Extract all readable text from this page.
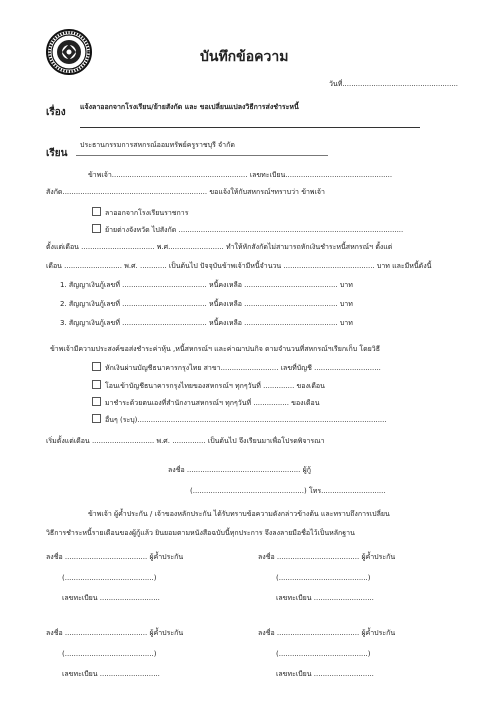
บันทึกข้อความ
วันที่....................................................
เรื่อง แจ้งลาออกจากโรงเรียน/ย้ายสังกัด และ ขอเปลี่ยนแปลงวิธีการส่งชำระหนี้
เรียน
ประธานกรรมการสหกรณ์ออมทรัพย์ครูราชบุรี จำกัด
ข้าพเจ้า............................................................. เลขทะเบียน................................................
สังกัด................................................................. ขอแจ้งให้กับสหกรณ์ฯทราบว่า ข้าพเจ้า
ลาออกจากโรงเรียนราชการ
ย้ายต่างจังหวัด ไปสังกัด .....................................................................................................
ตั้งแต่เดือน ................................. พ.ศ......................... ทำให้หักสังกัดไม่สามารถหักเงินชำระหนี้สหกรณ์ฯ ตั้งแต่
เดือน .......................... พ.ศ. ............ เป็นต้นไป ปัจจุบันข้าพเจ้ามีหนี้จำนวน ......................................... บาท และมีหนี้ดังนี้
1. สัญญาเงินกู้เลขที่ ...................................... หนี้คงเหลือ .......................................... บาท
2. สัญญาเงินกู้เลขที่ ...................................... หนี้คงเหลือ .......................................... บาท
3. สัญญาเงินกู้เลขที่ ...................................... หนี้คงเหลือ .......................................... บาท
ข้าพเจ้ามีความประสงค์ขอส่งชำระค่าหุ้น ,หนี้สหกรณ์ฯ และค่าฌาปนกิจ ตามจำนวนที่สหกรณ์ฯเรียกเก็บ โดยวิธี
หักเงินผ่านบัญชีธนาคารกรุงไทย สาขา.......................... เลขที่บัญชี ..............................
โอนเข้าบัญชีธนาคารกรุงไทยของสหกรณ์ฯ ทุกๆวันที่ .............. ของเดือน
มาชำระด้วยตนเองที่สำนักงานสหกรณ์ฯ ทุกๆวันที่ ................ ของเดือน
อื่นๆ (ระบุ)................................................................................................................
เริ่มตั้งแต่เดือน ............................ พ.ศ. ............... เป็นต้นไป จึงเรียนมาเพื่อโปรดพิจารณา
ลงชื่อ ................................................... ผู้กู้
(..................................................) โทร.............................
ข้าพเจ้า ผู้ค้ำประกัน / เจ้าของหลักประกัน ได้รับทราบข้อความดังกล่าวข้างต้น และทราบถึงการเปลี่ยน
วิธีการชำระหนี้รายเดือนของผู้กู้แล้ว ยินยอมตามหนังสือฉบับนี้ทุกประการ จึงลงลายมือชื่อไว้เป็นหลักฐาน
ลงชื่อ ..................................... ผู้ค้ำประกัน
(........................................)
เลขทะเบียน ...........................
ลงชื่อ ..................................... ผู้ค้ำประกัน
(........................................)
เลขทะเบียน ...........................
ลงชื่อ ..................................... ผู้ค้ำประกัน
(........................................)
เลขทะเบียน ...........................
ลงชื่อ ..................................... ผู้ค้ำประกัน
(........................................)
เลขทะเบียน ...........................
